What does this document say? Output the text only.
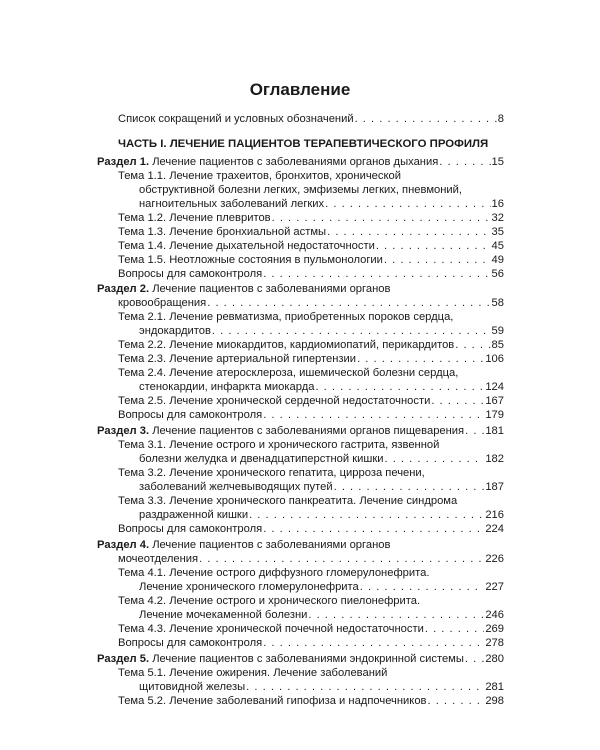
Оглавление
Список сокращений и условных обозначений . . .	8
ЧАСТЬ I. ЛЕЧЕНИЕ ПАЦИЕНТОВ ТЕРАПЕВТИЧЕСКОГО ПРОФИЛЯ
Раздел 1. Лечение пациентов с заболеваниями органов дыхания . . .	15
Тема 1.1. Лечение трахеитов, бронхитов, хронической
обструктивной болезни легких, эмфиземы легких, пневмоний,
нагноительных заболеваний легких . . .	16
Тема 1.2. Лечение плевритов . . .	32
Тема 1.3. Лечение бронхиальной астмы . . .	35
Тема 1.4. Лечение дыхательной недостаточности . . .	45
Тема 1.5. Неотложные состояния в пульмонологии . . .	49
Вопросы для самоконтроля . . .	56
Раздел 2. Лечение пациентов с заболеваниями органов
кровообращения . . .	58
Тема 2.1. Лечение ревматизма, приобретенных пороков сердца,
эндокардитов . . .	59
Тема 2.2. Лечение миокардитов, кардиомиопатий, перикардитов . . .	85
Тема 2.3. Лечение артериальной гипертензии . . .	106
Тема 2.4. Лечение атеросклероза, ишемической болезни сердца,
стенокардии, инфаркта миокарда . . .	124
Тема 2.5. Лечение хронической сердечной недостаточности . . .	167
Вопросы для самоконтроля . . .	179
Раздел 3. Лечение пациентов с заболеваниями органов пищеварения . . . 181
Тема 3.1. Лечение острого и хронического гастрита, язвенной
болезни желудка и двенадцатиперстной кишки . . .	182
Тема 3.2. Лечение хронического гепатита, цирроза печени,
заболеваний желчевыводящих путей . . .	187
Тема 3.3. Лечение хронического панкреатита. Лечение синдрома
раздраженной кишки . . .	216
Вопросы для самоконтроля . . .	224
Раздел 4. Лечение пациентов с заболеваниями органов
мочеотделения . . .	226
Тема 4.1. Лечение острого диффузного гломерулонефрита.
Лечение хронического гломерулонефрита . . .	227
Тема 4.2. Лечение острого и хронического пиелонефрита.
Лечение мочекаменной болезни . . .	246
Тема 4.3. Лечение хронической почечной недостаточности . . .	269
Вопросы для самоконтроля . . .	278
Раздел 5. Лечение пациентов с заболеваниями эндокринной системы . . . 280
Тема 5.1. Лечение ожирения. Лечение заболеваний
щитовидной железы . . .	281
Тема 5.2. Лечение заболеваний гипофиза и надпочечников . . .	298
